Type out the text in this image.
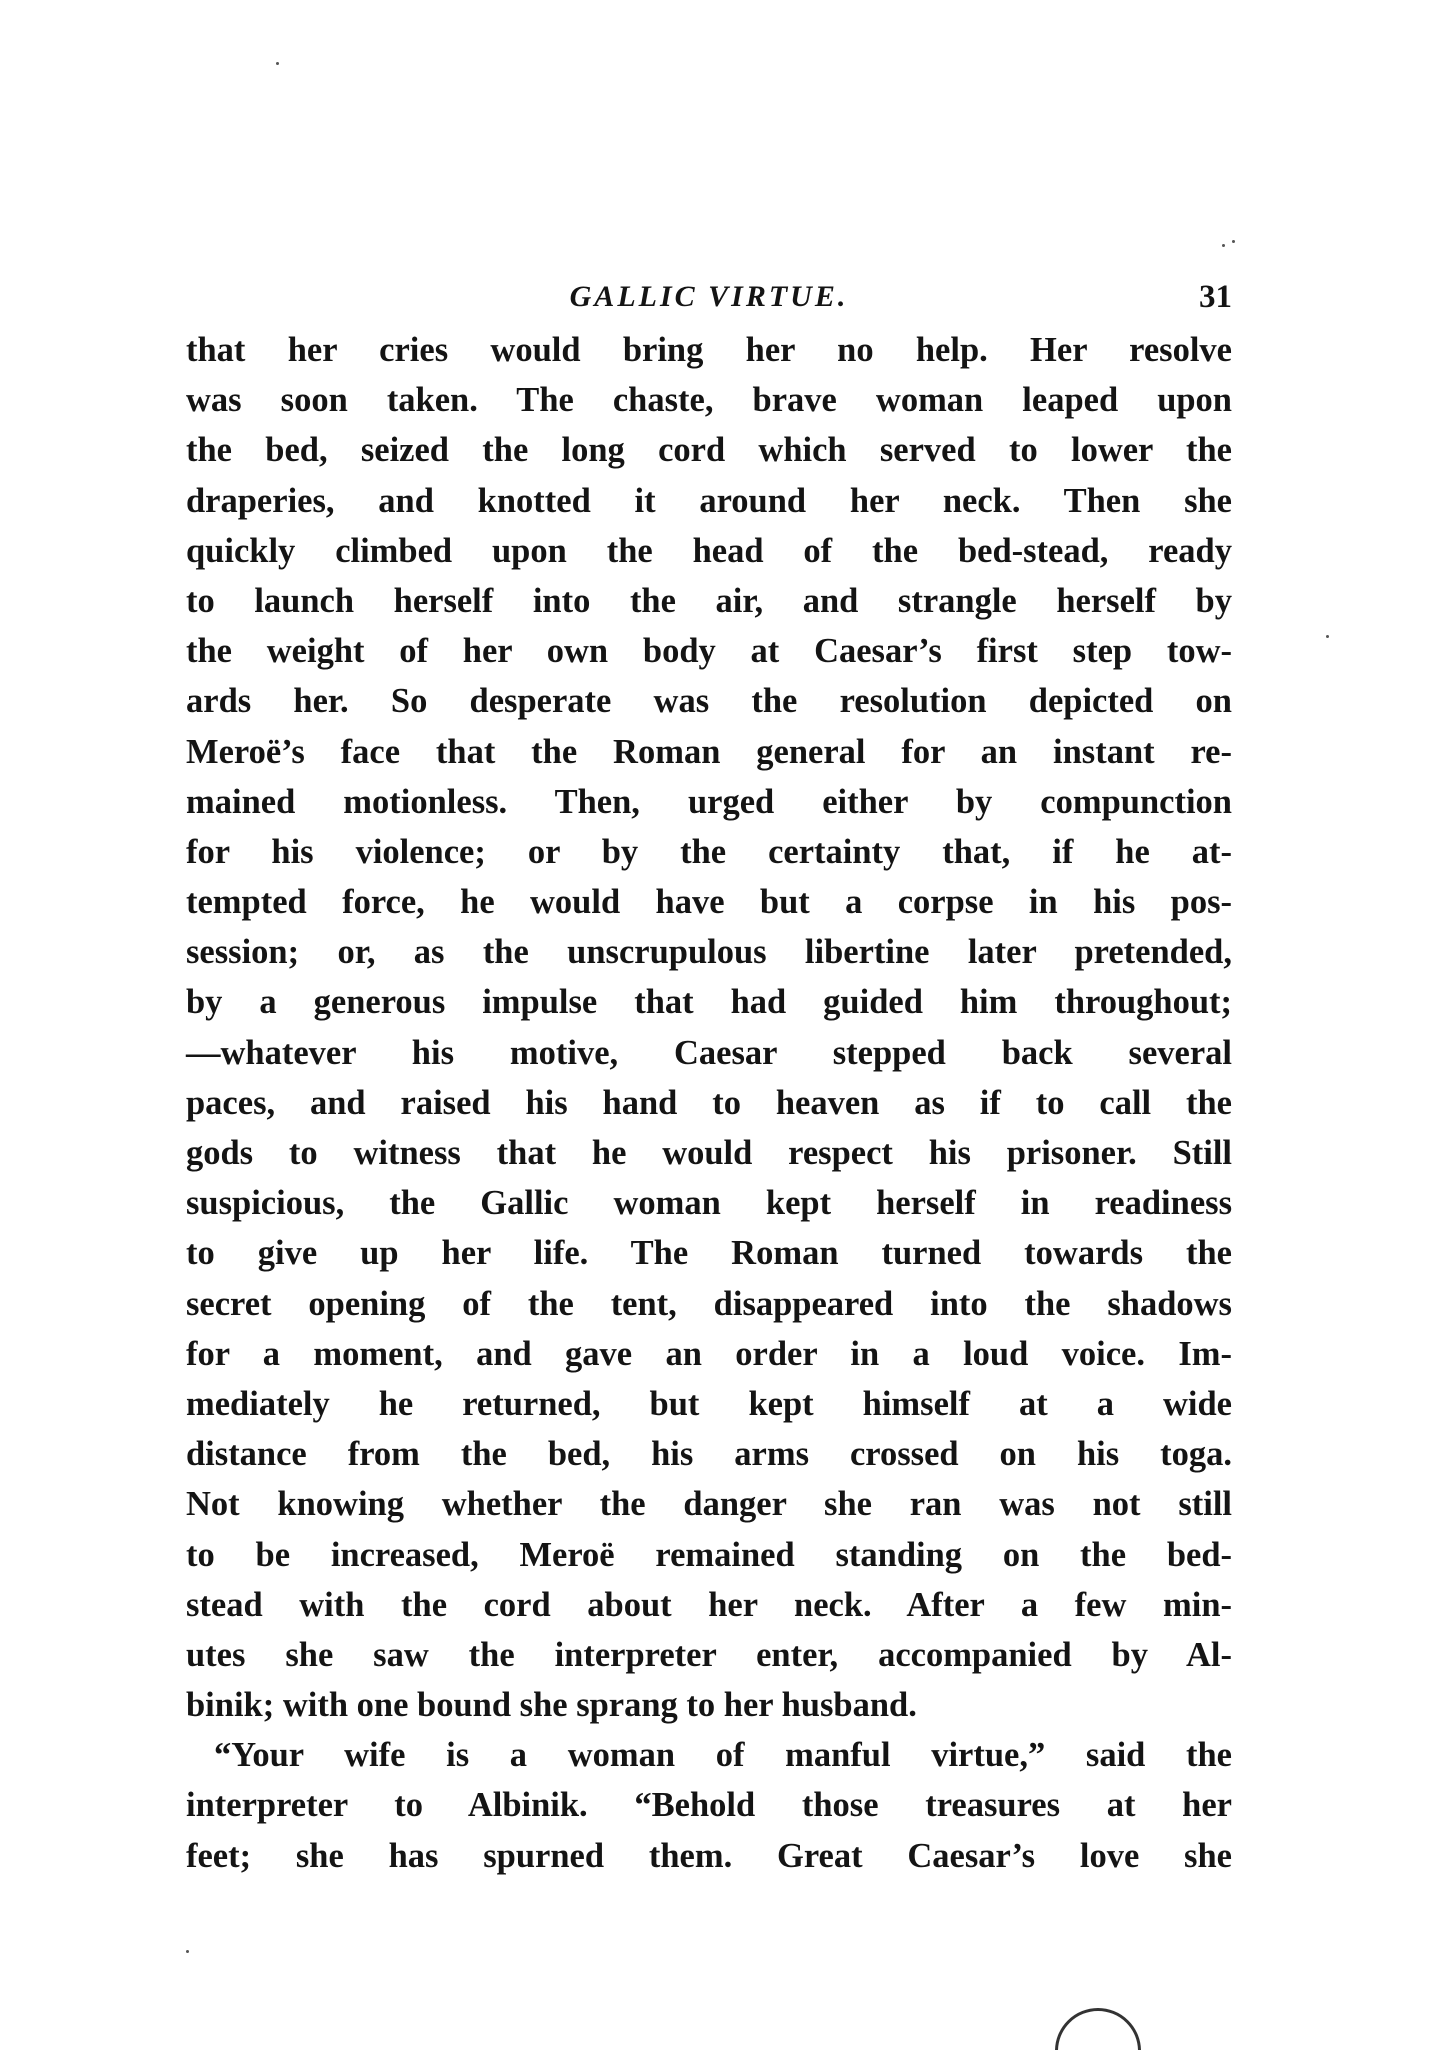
GALLIC VIRTUE.	31
that her cries would bring her no help. Her resolve
was soon taken. The chaste, brave woman leaped upon
the bed, seized the long cord which served to lower the
draperies, and knotted it around her neck. Then she
quickly climbed upon the head of the bed-stead, ready
to launch herself into the air, and strangle herself by
the weight of her own body at Caesar’s first step tow-
ards her. So desperate was the resolution depicted on
Meroë’s face that the Roman general for an instant re-
mained motionless. Then, urged either by compunction
for his violence; or by the certainty that, if he at-
tempted force, he would have but a corpse in his pos-
session; or, as the unscrupulous libertine later pretended,
by a generous impulse that had guided him throughout;
—whatever his motive, Caesar stepped back several
paces, and raised his hand to heaven as if to call the
gods to witness that he would respect his prisoner. Still
suspicious, the Gallic woman kept herself in readiness
to give up her life. The Roman turned towards the
secret opening of the tent, disappeared into the shadows
for a moment, and gave an order in a loud voice. Im-
mediately he returned, but kept himself at a wide
distance from the bed, his arms crossed on his toga.
Not knowing whether the danger she ran was not still
to be increased, Meroë remained standing on the bed-
stead with the cord about her neck. After a few min-
utes she saw the interpreter enter, accompanied by Al-
binik; with one bound she sprang to her husband.
“Your wife is a woman of manful virtue,” said the
interpreter to Albinik. “Behold those treasures at her
feet; she has spurned them. Great Caesar’s love she
